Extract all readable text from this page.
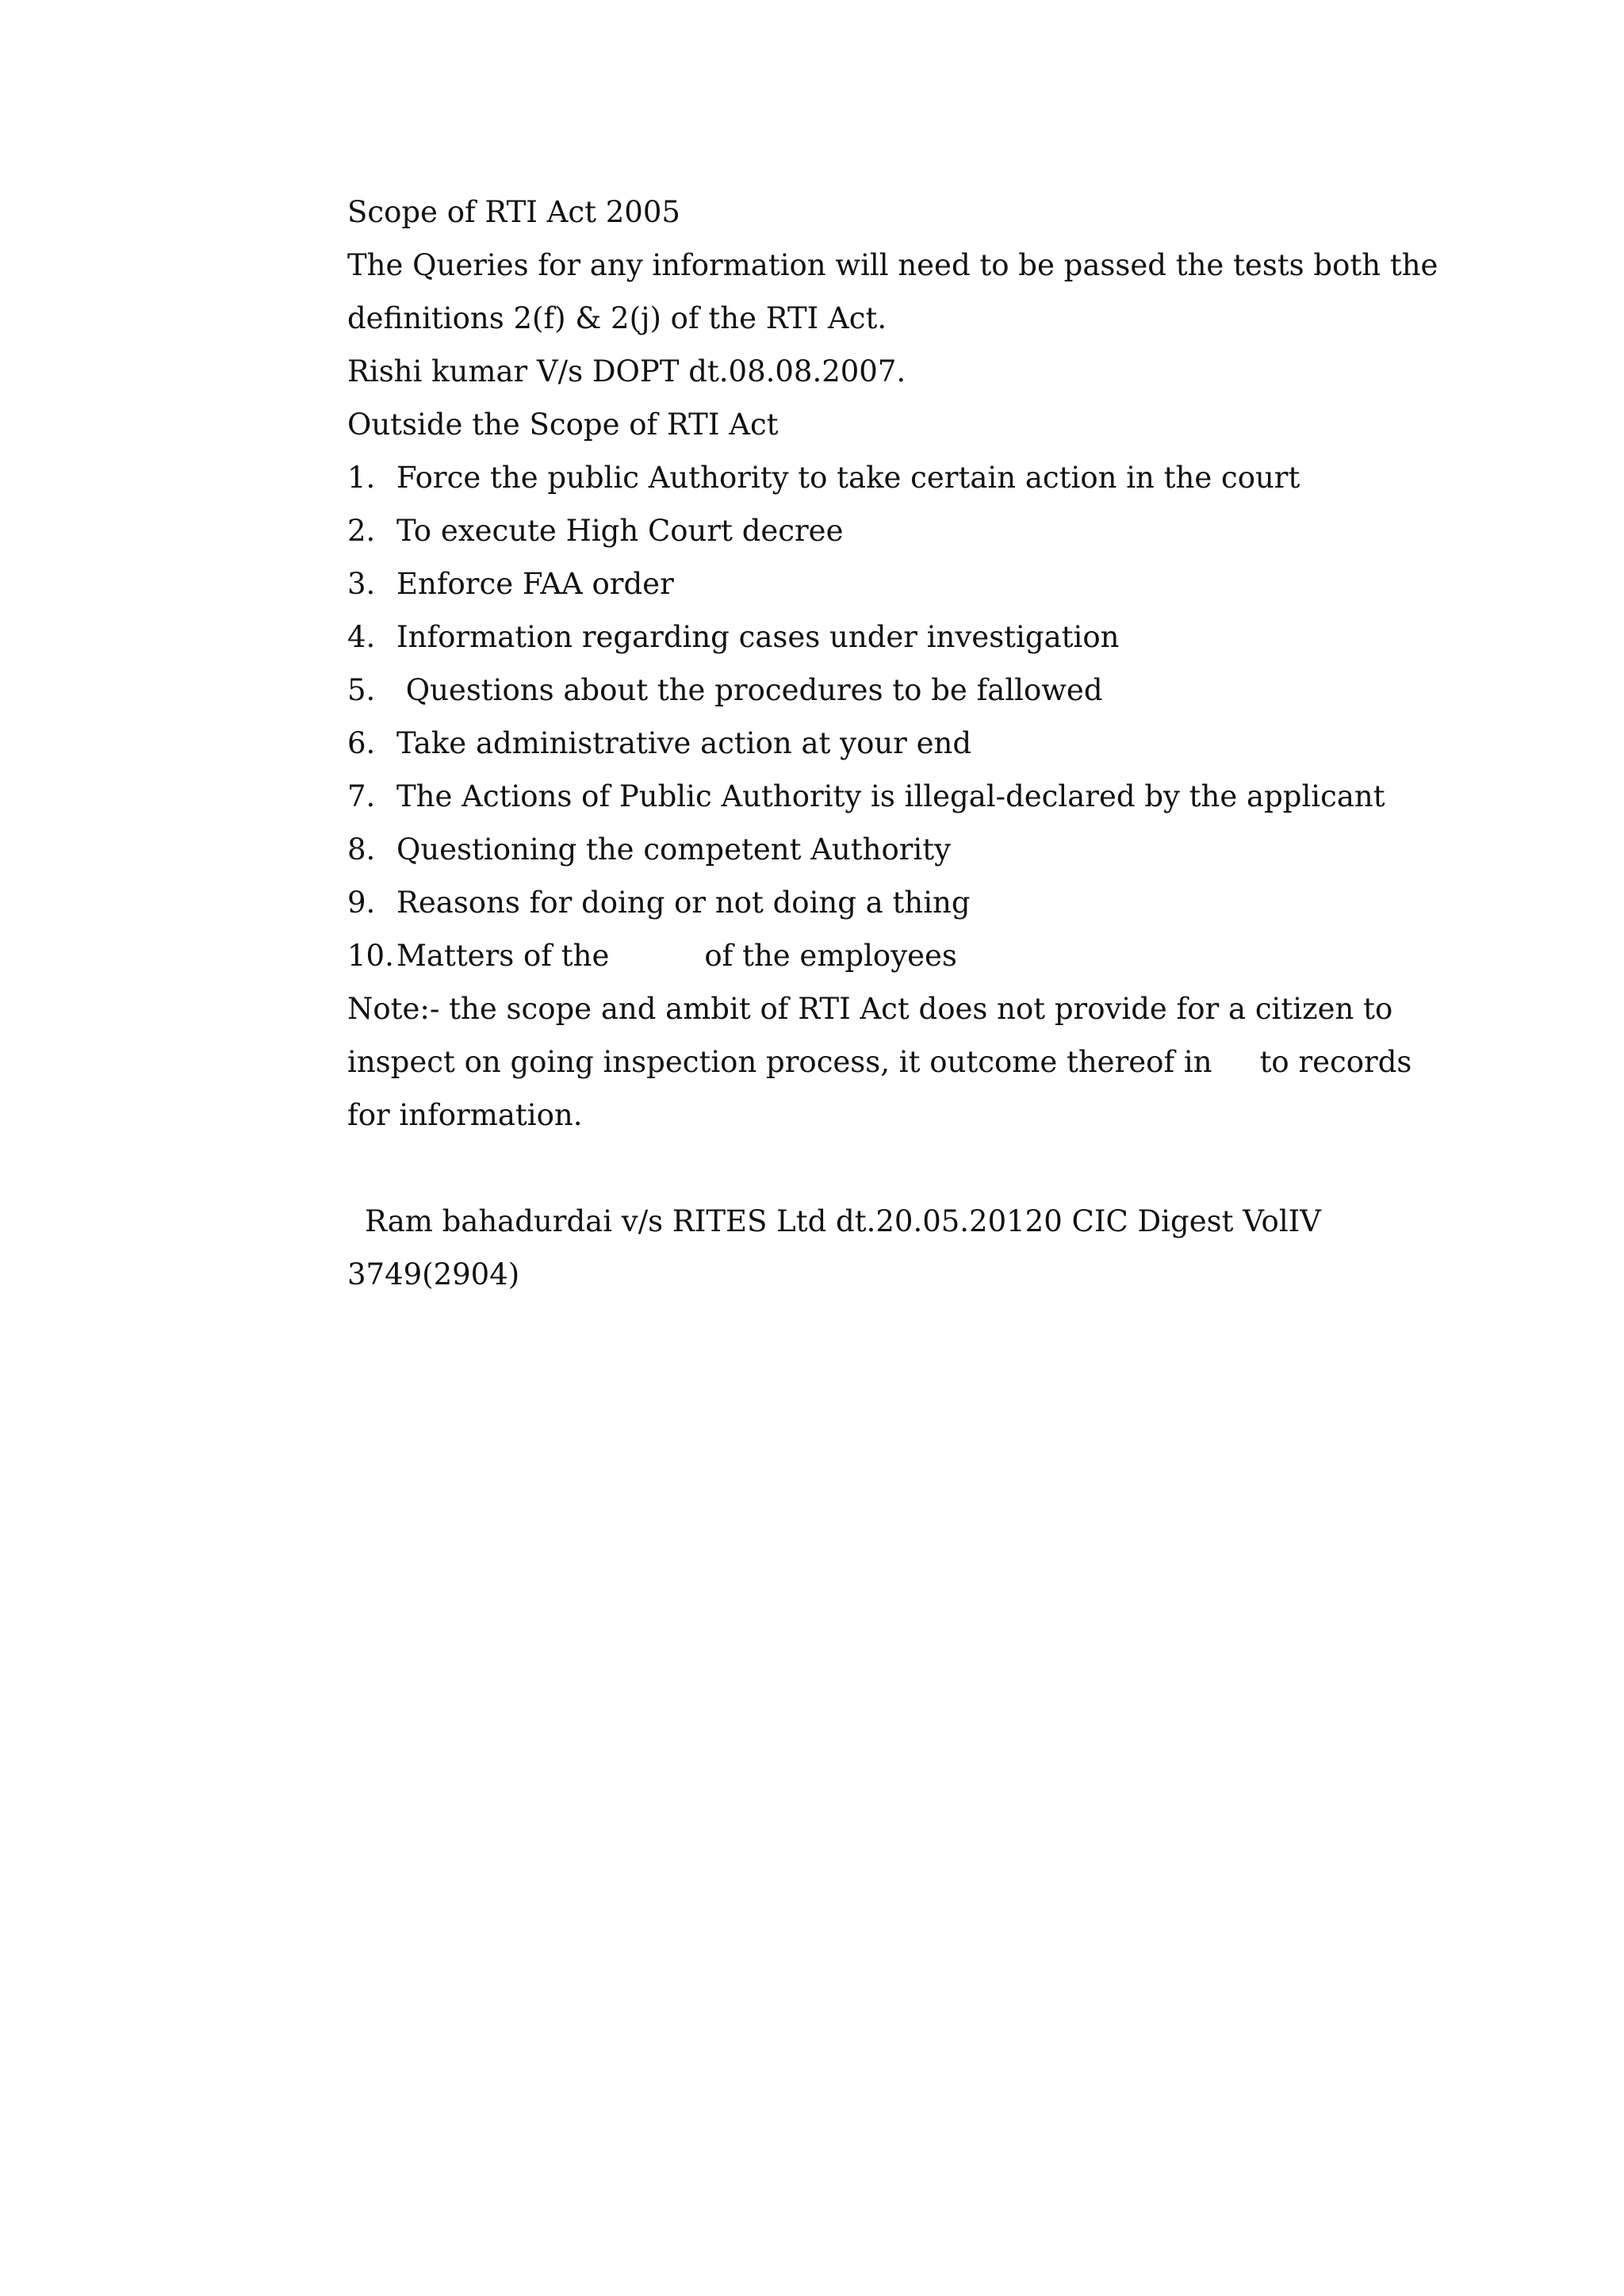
Scope of RTI Act 2005
The Queries for any information will need to be passed the tests both the
definitions 2(f) & 2(j) of the RTI Act.
Rishi kumar V/s DOPT dt.08.08.2007.
Outside the Scope of RTI Act
1. Force the public Authority to take certain action in the court
2. To execute High Court decree
3. Enforce FAA order
4. Information regarding cases under investigation
5. Questions about the procedures to be fallowed
6. Take administrative action at your end
7. The Actions of Public Authority is illegal-declared by the applicant
8. Questioning the competent Authority
9. Reasons for doing or not doing a thing
10.Matters of the	of the employees
Note:- the scope and ambit of RTI Act does not provide for a citizen to
inspect on going inspection process, it outcome thereof in to records
for information.
Ram bahadurdai v/s RITES Ltd dt.20.05.20120 CIC Digest VolIV
3749(2904)
